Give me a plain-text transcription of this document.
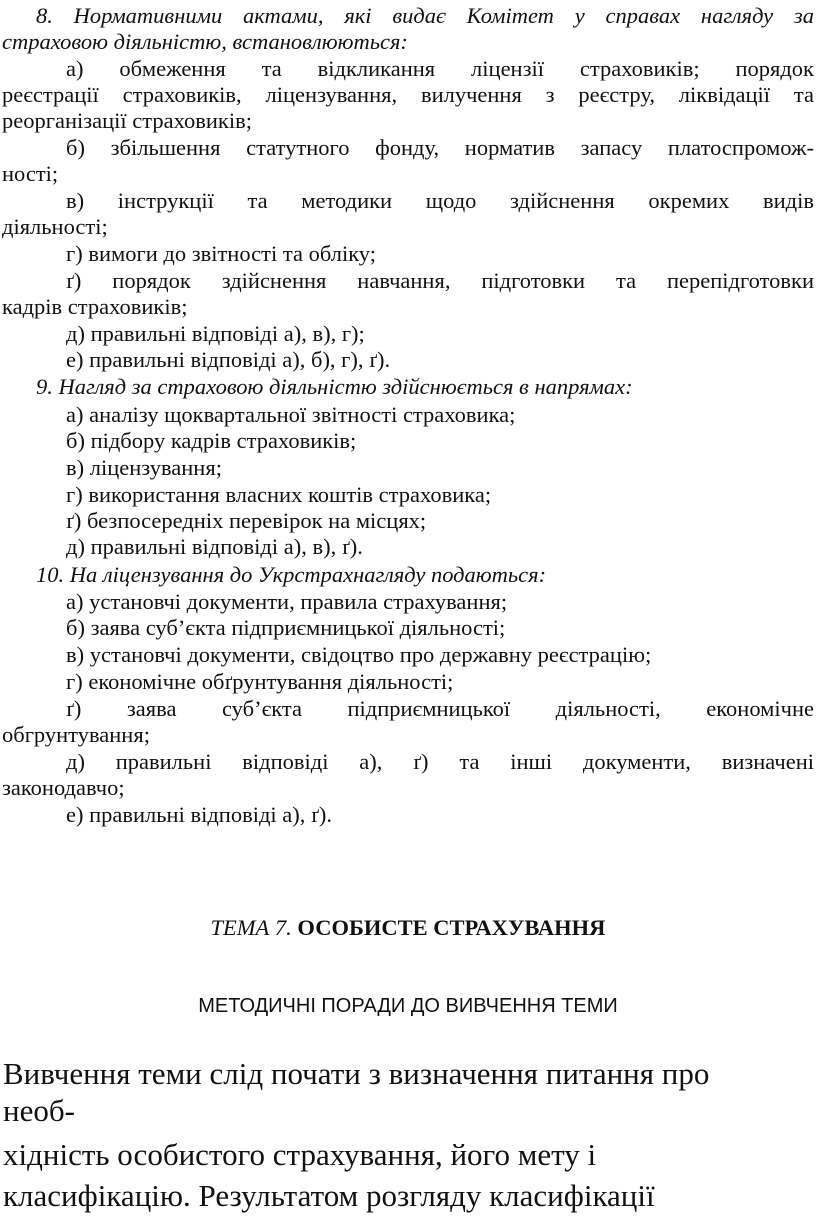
8. Нормативними актами, які видає Комітет у справах нагляду за
страховою діяльністю, встановлюються:
а) обмеження та відкликання ліцензії страховиків; порядок
реєстрації страховиків, ліцензування, вилучення з реєстру, ліквідації та
реорганізації страховиків;
б) збільшення статутного фонду, норматив запасу платоспромож-
ності;
в) інструкції та методики щодо здійснення окремих видів
діяльності;
г) вимоги до звітності та обліку;
ґ) порядок здійснення навчання, підготовки та перепідготовки
кадрів страховиків;
д) правильні відповіді а), в), г);
е) правильні відповіді а), б), г), ґ).
9. Нагляд за страховою діяльністю здійснюється в напрямах:
а) аналізу щоквартальної звітності страховика;
б) підбору кадрів страховиків;
в) ліцензування;
г) використання власних коштів страховика;
ґ) безпосередніх перевірок на місцях;
д) правильні відповіді а), в), ґ).
10. На ліцензування до Укрстрахнагляду подаються:
а) установчі документи, правила страхування;
б) заява суб’єкта підприємницької діяльності;
в) установчі документи, свідоцтво про державну реєстрацію;
г) економічне обґрунтування діяльності;
ґ) заява суб’єкта підприємницької діяльності, економічне
обгрунтування;
д) правильні відповіді а), ґ) та інші документи, визначені
законодавчо;
е) правильні відповіді а), ґ).
ТЕМА 7. ОСОБИСТЕ СТРАХУВАННЯ
МЕТОДИЧНІ ПОРАДИ ДО ВИВЧЕННЯ ТЕМИ
Вивчення теми слід почати з визначення питання про
необ-
хідність особистого страхування, його мету і
класифікацію. Результатом розгляду класифікації
